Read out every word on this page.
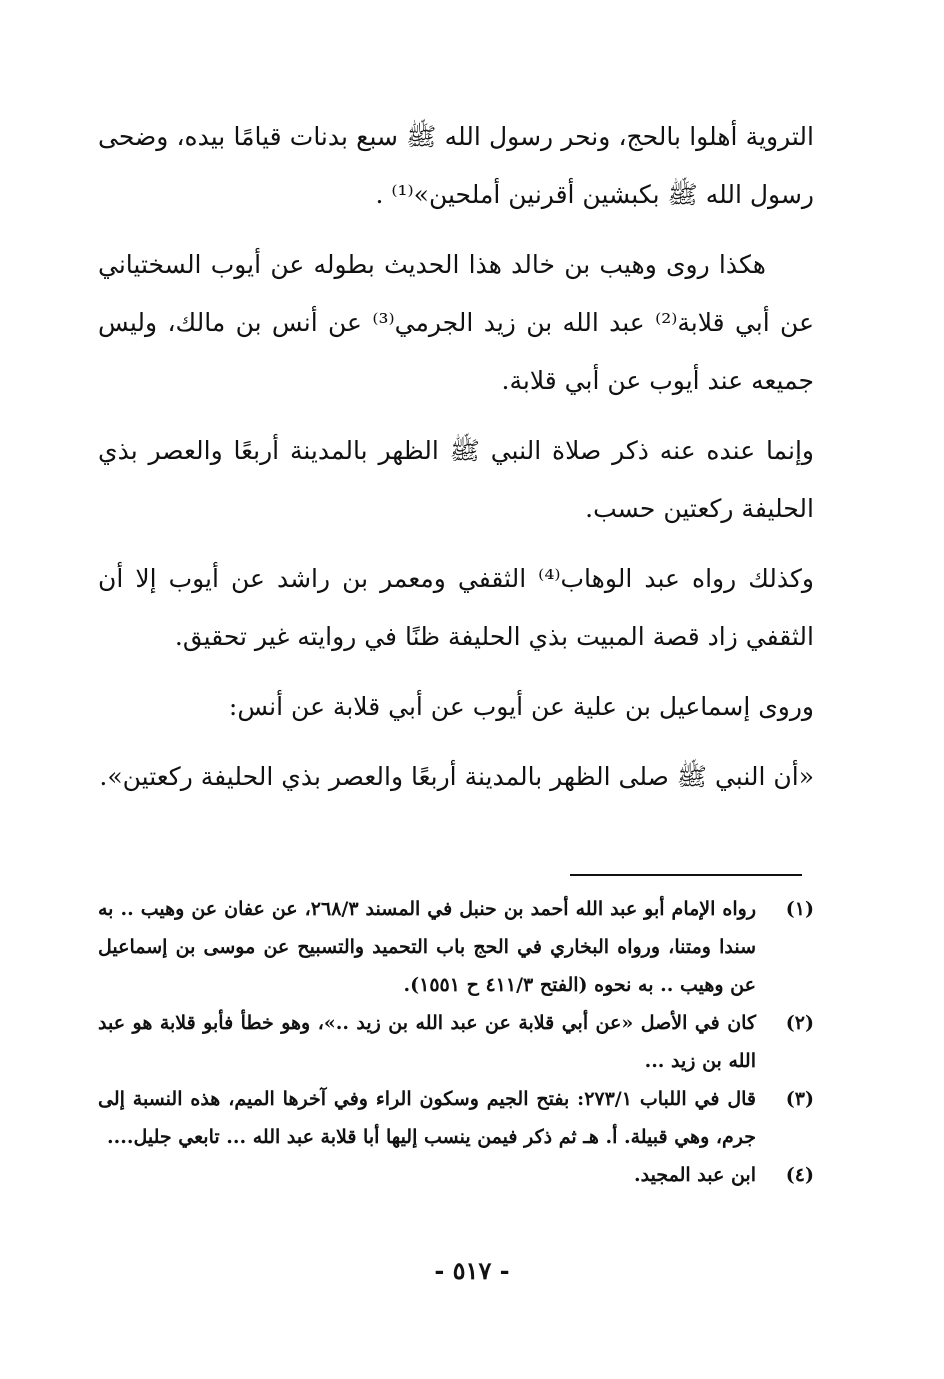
التروية أهلوا بالحج، ونحر رسول الله ﷺ سبع بدنات قيامًا بيده، وضحى رسول الله ﷺ بكبشين أقرنين أملحين»⁽¹⁾ .

هكذا روى وهيب بن خالد هذا الحديث بطوله عن أيوب السختياني عن أبي قلابة⁽²⁾ عبد الله بن زيد الجرمي⁽³⁾ عن أنس بن مالك، وليس جميعه عند أيوب عن أبي قلابة.

وإنما عنده عنه ذكر صلاة النبي ﷺ الظهر بالمدينة أربعًا والعصر بذي الحليفة ركعتين حسب.

وكذلك رواه عبد الوهاب⁽⁴⁾ الثقفي ومعمر بن راشد عن أيوب إلا أن الثقفي زاد قصة المبيت بذي الحليفة ظنًا في روايته غير تحقيق.

وروى إسماعيل بن علية عن أيوب عن أبي قلابة عن أنس:

«أن النبي ﷺ صلى الظهر بالمدينة أربعًا والعصر بذي الحليفة ركعتين».

(١)
رواه الإمام أبو عبد الله أحمد بن حنبل في المسند ٢٦٨/٣، عن عفان عن وهيب .. به سندا ومتنا، ورواه البخاري في الحج باب التحميد والتسبيح عن موسى بن إسماعيل عن وهيب .. به نحوه (الفتح ٤١١/٣ ح ١٥٥١).
(٢)
كان في الأصل «عن أبي قلابة عن عبد الله بن زيد ..»، وهو خطأ فأبو قلابة هو عبد الله بن زيد ...
(٣)
قال في اللباب ٢٧٣/١: بفتح الجيم وسكون الراء وفي آخرها الميم، هذه النسبة إلى جرم، وهي قبيلة. أ. هـ ثم ذكر فيمن ينسب إليها أبا قلابة عبد الله ... تابعي جليل....
(٤)
ابن عبد المجيد.
- ٥١٧ -
